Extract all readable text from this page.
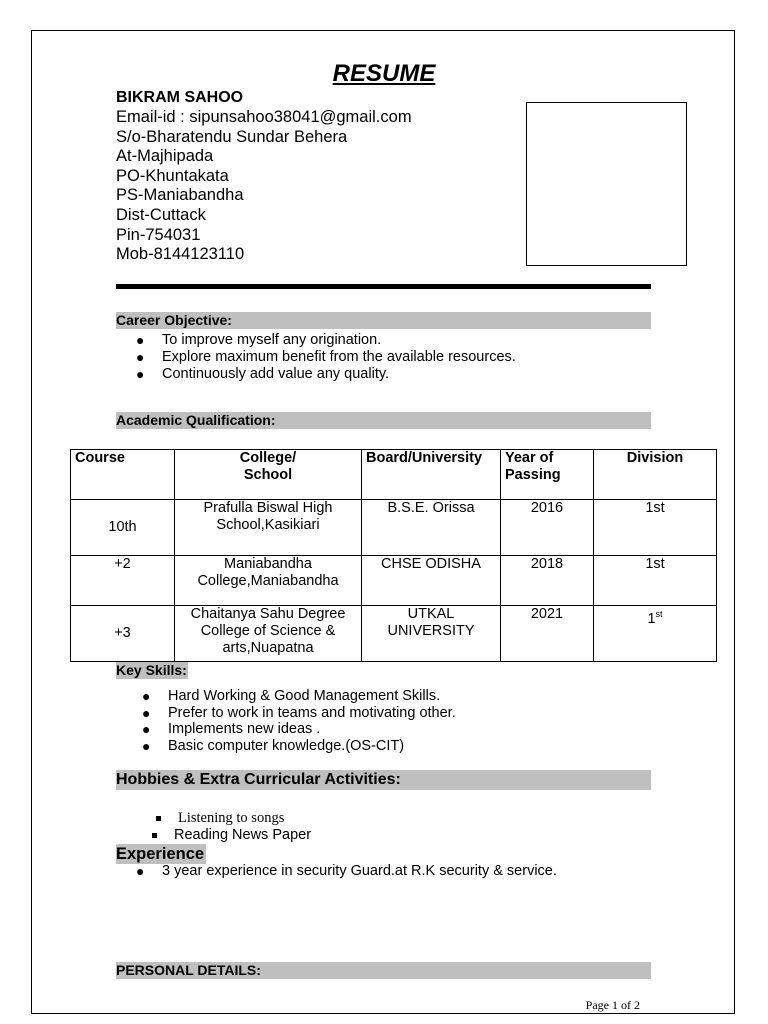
RESUME
BIKRAM SAHOO
Email-id : sipunsahoo38041@gmail.com
S/o-Bharatendu Sundar Behera
At-Majhipada
PO-Khuntakata
PS-Maniabandha
Dist-Cuttack
Pin-754031
Mob-8144123110
Career Objective:
● To improve myself any origination.
● Explore maximum benefit from the available resources.
● Continuously add value any quality.
Academic Qualification:
Course	College/ School	Board/University	Year of Passing	Division
10th	Prafulla Biswal High School,Kasikiari	B.S.E. Orissa	2016	1st
+2	Maniabandha College,Maniabandha	CHSE ODISHA	2018	1st
+3	Chaitanya Sahu Degree College of Science & arts,Nuapatna	UTKAL UNIVERSITY	2021	1st
Key Skills:
● Hard Working & Good Management Skills.
● Prefer to work in teams and motivating other.
● Implements new ideas .
● Basic computer knowledge.(OS-CIT)
Hobbies & Extra Curricular Activities:
Listening to songs
Reading News Paper
Experience
● 3 year experience in security Guard.at R.K security & service.
PERSONAL DETAILS:
Page 1 of 2
